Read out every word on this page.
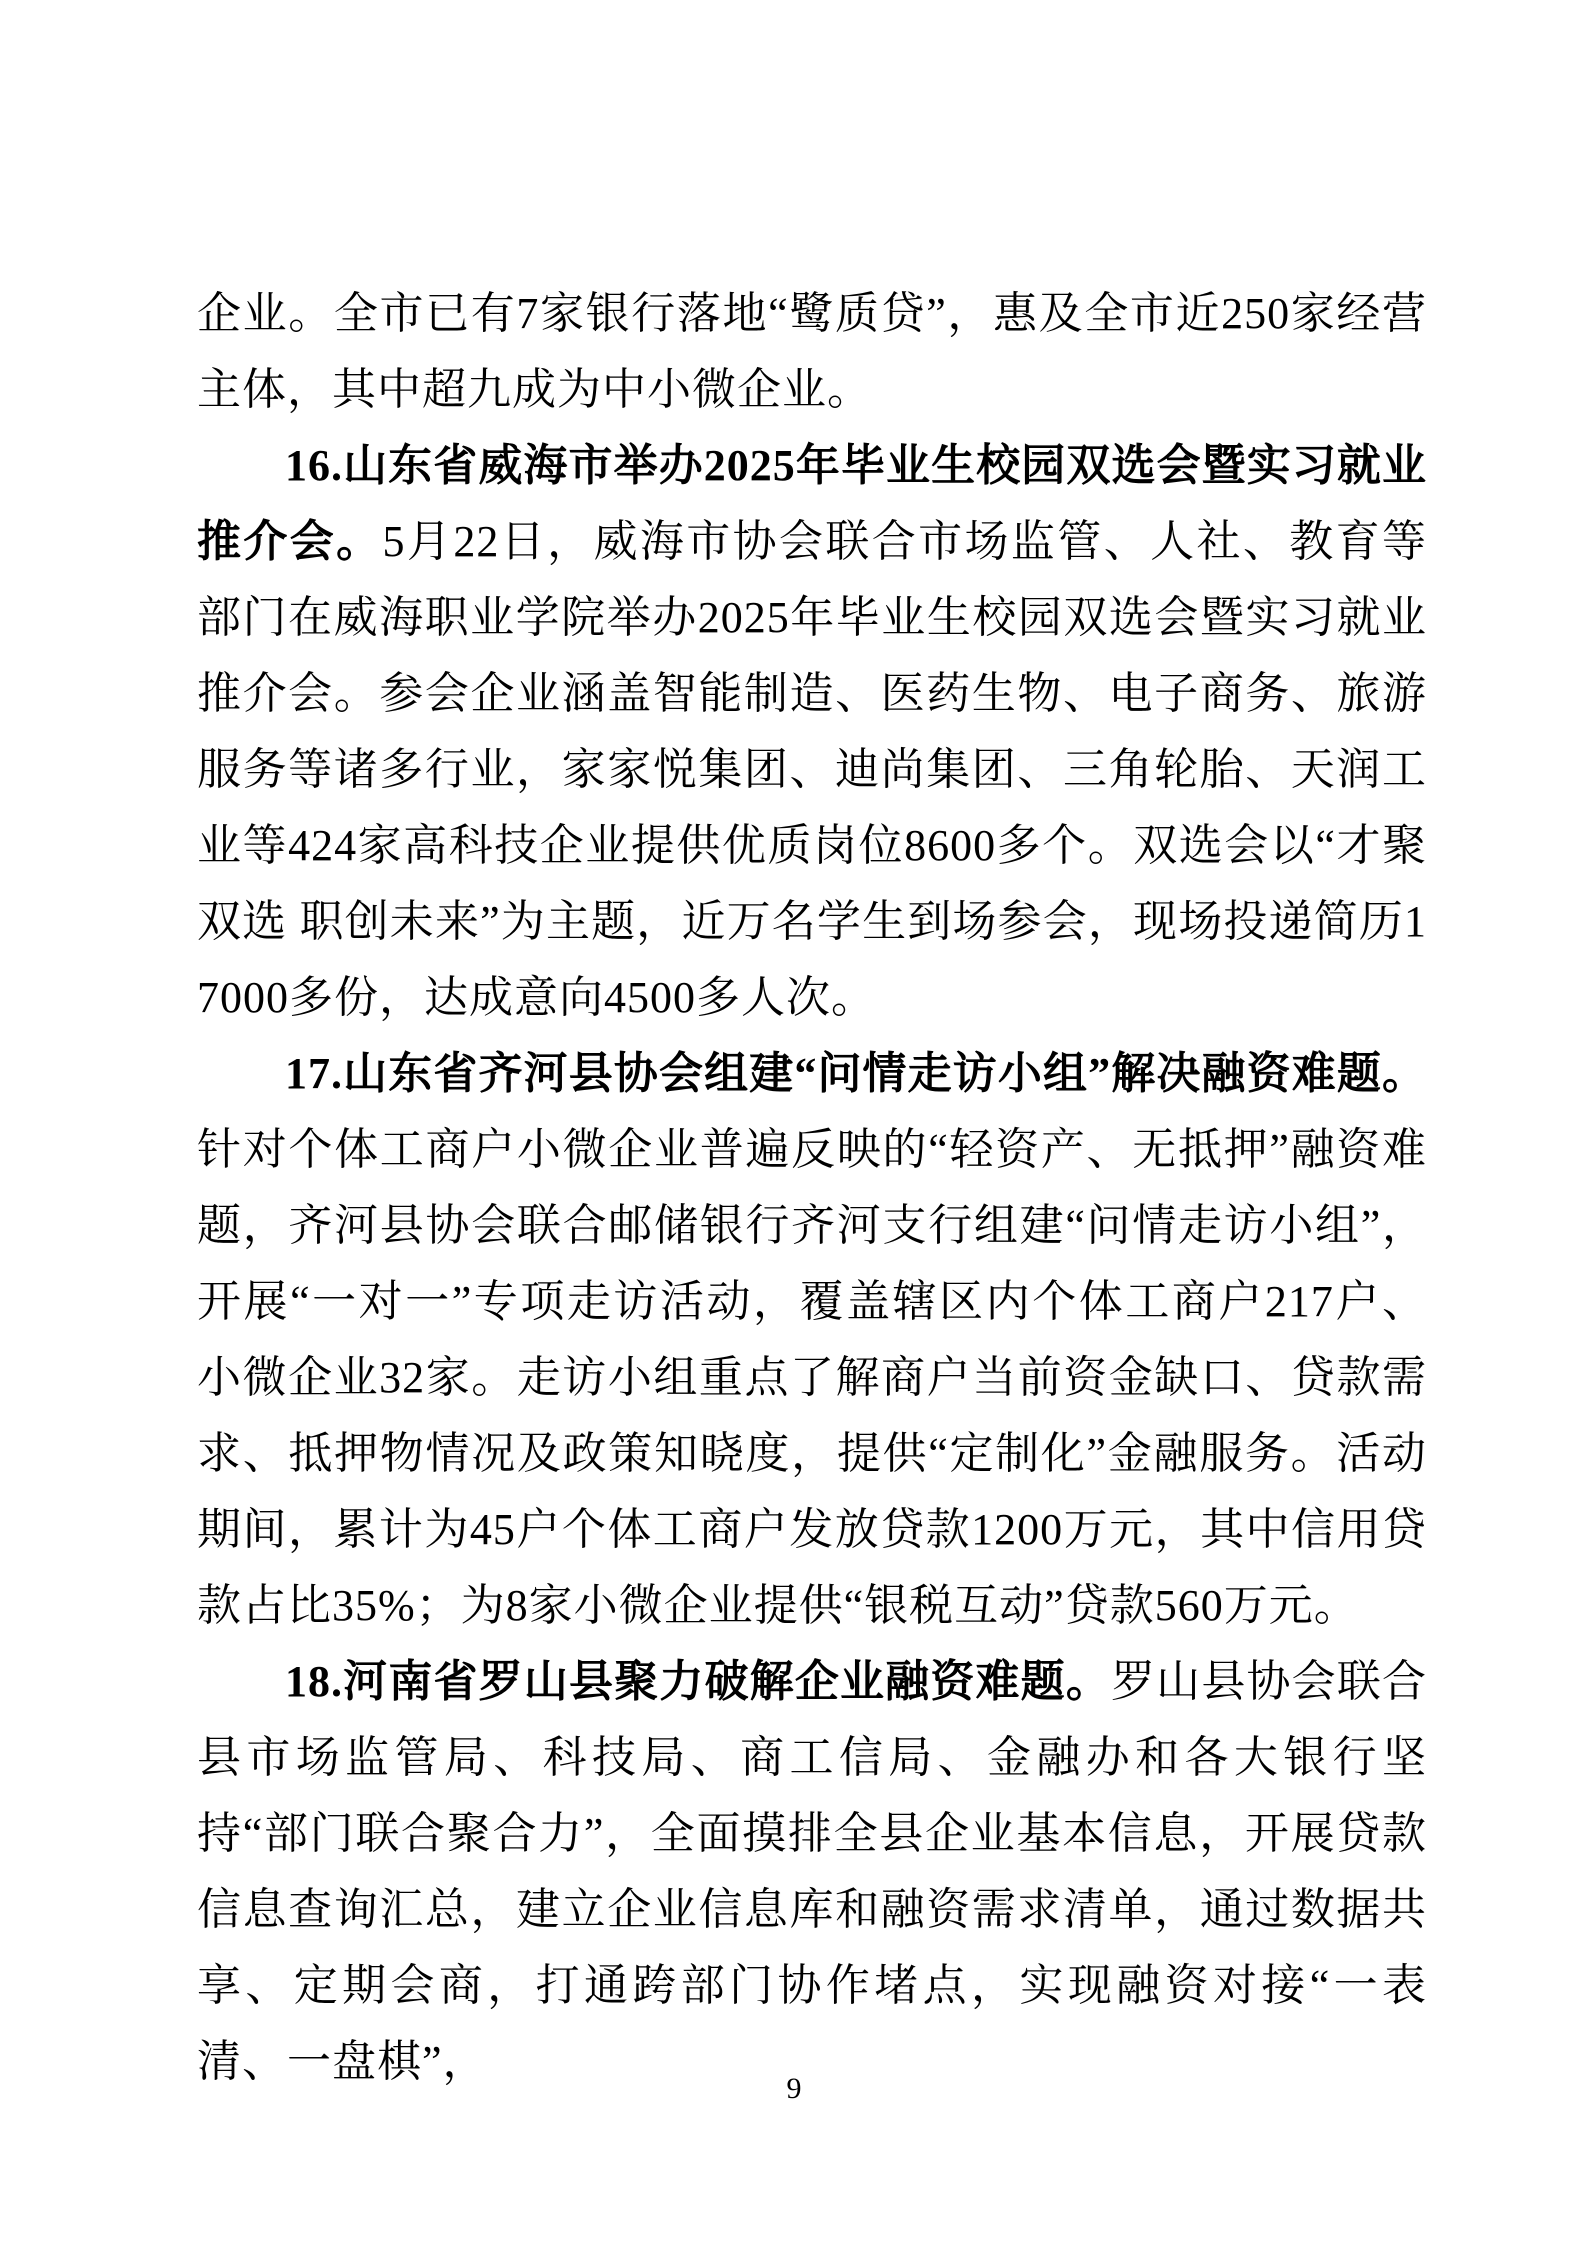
企业。全市已有7家银行落地“鹭质贷”，惠及全市近250家经营主体，其中超九成为中小微企业。

16.山东省威海市举办2025年毕业生校园双选会暨实习就业推介会。5月22日，威海市协会联合市场监管、人社、教育等部门在威海职业学院举办2025年毕业生校园双选会暨实习就业推介会。参会企业涵盖智能制造、医药生物、电子商务、旅游服务等诸多行业，家家悦集团、迪尚集团、三角轮胎、天润工业等424家高科技企业提供优质岗位8600多个。双选会以“才聚双选 职创未来”为主题，近万名学生到场参会，现场投递简历17000多份，达成意向4500多人次。

17.山东省齐河县协会组建“问情走访小组”解决融资难题。针对个体工商户小微企业普遍反映的“轻资产、无抵押”融资难题，齐河县协会联合邮储银行齐河支行组建“问情走访小组”，开展“一对一”专项走访活动，覆盖辖区内个体工商户217户、小微企业32家。走访小组重点了解商户当前资金缺口、贷款需求、抵押物情况及政策知晓度，提供“定制化”金融服务。活动期间，累计为45户个体工商户发放贷款1200万元，其中信用贷款占比35%；为8家小微企业提供“银税互动”贷款560万元。

18.河南省罗山县聚力破解企业融资难题。罗山县协会联合县市场监管局、科技局、商工信局、金融办和各大银行坚持“部门联合聚合力”，全面摸排全县企业基本信息，开展贷款信息查询汇总，建立企业信息库和融资需求清单，通过数据共享、定期会商，打通跨部门协作堵点，实现融资对接“一表清、一盘棋”，

9
